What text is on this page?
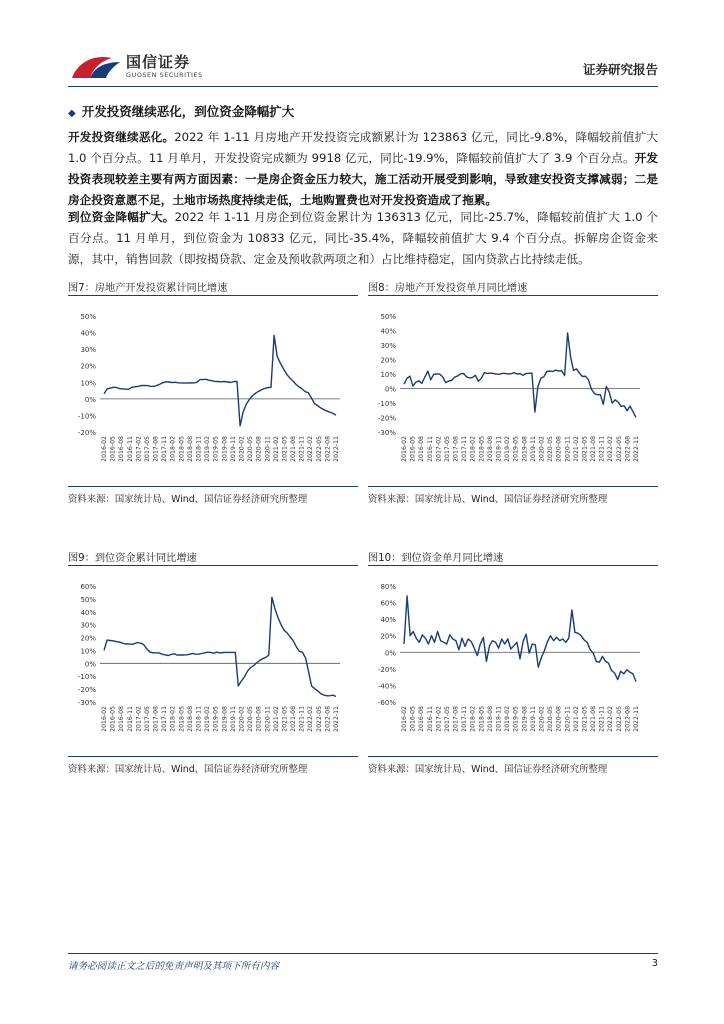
国信证券
GUOSEN SECURITIES	证券研究报告
◆ 开发投资继续恶化，到位资金降幅扩大
开发投资继续恶化。2022 年 1-11 月房地产开发投资完成额累计为 123863 亿元，同比-9.8%，降幅较前值扩大 1.0 个百分点。11 月单月，开发投资完成额为 9918 亿元，同比-19.9%，降幅较前值扩大了 3.9 个百分点。开发投资表现较差主要有两方面因素：一是房企资金压力较大，施工活动开展受到影响，导致建安投资支撑减弱；二是房企投资意愿不足，土地市场热度持续走低，土地购置费也对开发投资造成了拖累。
到位资金降幅扩大。2022 年 1-11 月房企到位资金累计为 136313 亿元，同比-25.7%，降幅较前值扩大 1.0 个百分点。11 月单月，到位资金为 10833 亿元，同比-35.4%，降幅较前值扩大 9.4 个百分点。拆解房企资金来源，其中，销售回款（即按揭贷款、定金及预收款两项之和）占比维持稳定，国内贷款占比持续走低。
图7：房地产开发投资累计同比增速
50%
40%
30%
20%
10%
0%
-10%
-20%
2016-02 2016-05 2016-08 2016-11 2017-02 2017-05 2017-08 2017-11 2018-02 2018-05 2018-08 2018-11 2019-02 2019-05 2019-08 2019-11 2020-02 2020-05 2020-08 2020-11 2021-02 2021-05 2021-08 2021-11 2022-02 2022-05 2022-08 2022-11
资料来源：国家统计局、Wind、国信证券经济研究所整理
图8：房地产开发投资单月同比增速
50%
40%
30%
20%
10%
0%
-10%
-20%
-30%
2016-02 2016-05 2016-08 2016-11 2017-02 2017-05 2017-08 2017-11 2018-02 2018-05 2018-08 2018-11 2019-02 2019-05 2019-08 2019-11 2020-02 2020-05 2020-08 2020-11 2021-02 2021-05 2021-08 2021-11 2022-02 2022-05 2022-08 2022-11
资料来源：国家统计局、Wind、国信证券经济研究所整理
图9：到位资金累计同比增速
60%
50%
40%
30%
20%
10%
0%
-10%
-20%
-30%
2016-02 2016-05 2016-08 2016-11 2017-02 2017-05 2017-08 2017-11 2018-02 2018-05 2018-08 2018-11 2019-02 2019-05 2019-08 2019-11 2020-02 2020-05 2020-08 2020-11 2021-02 2021-05 2021-08 2021-11 2022-02 2022-05 2022-08 2022-11
资料来源：国家统计局、Wind、国信证券经济研究所整理
图10：到位资金单月同比增速
80%
60%
40%
20%
0%
-20%
-40%
-60%
2016-02 2016-05 2016-08 2016-11 2017-02 2017-05 2017-08 2017-11 2018-02 2018-05 2018-08 2018-11 2019-02 2019-05 2019-08 2019-11 2020-02 2020-05 2020-08 2020-11 2021-02 2021-05 2021-08 2021-11 2022-02 2022-05 2022-08 2022-11
资料来源：国家统计局、Wind、国信证券经济研究所整理
请务必阅读正文之后的免责声明及其项下所有内容	3
